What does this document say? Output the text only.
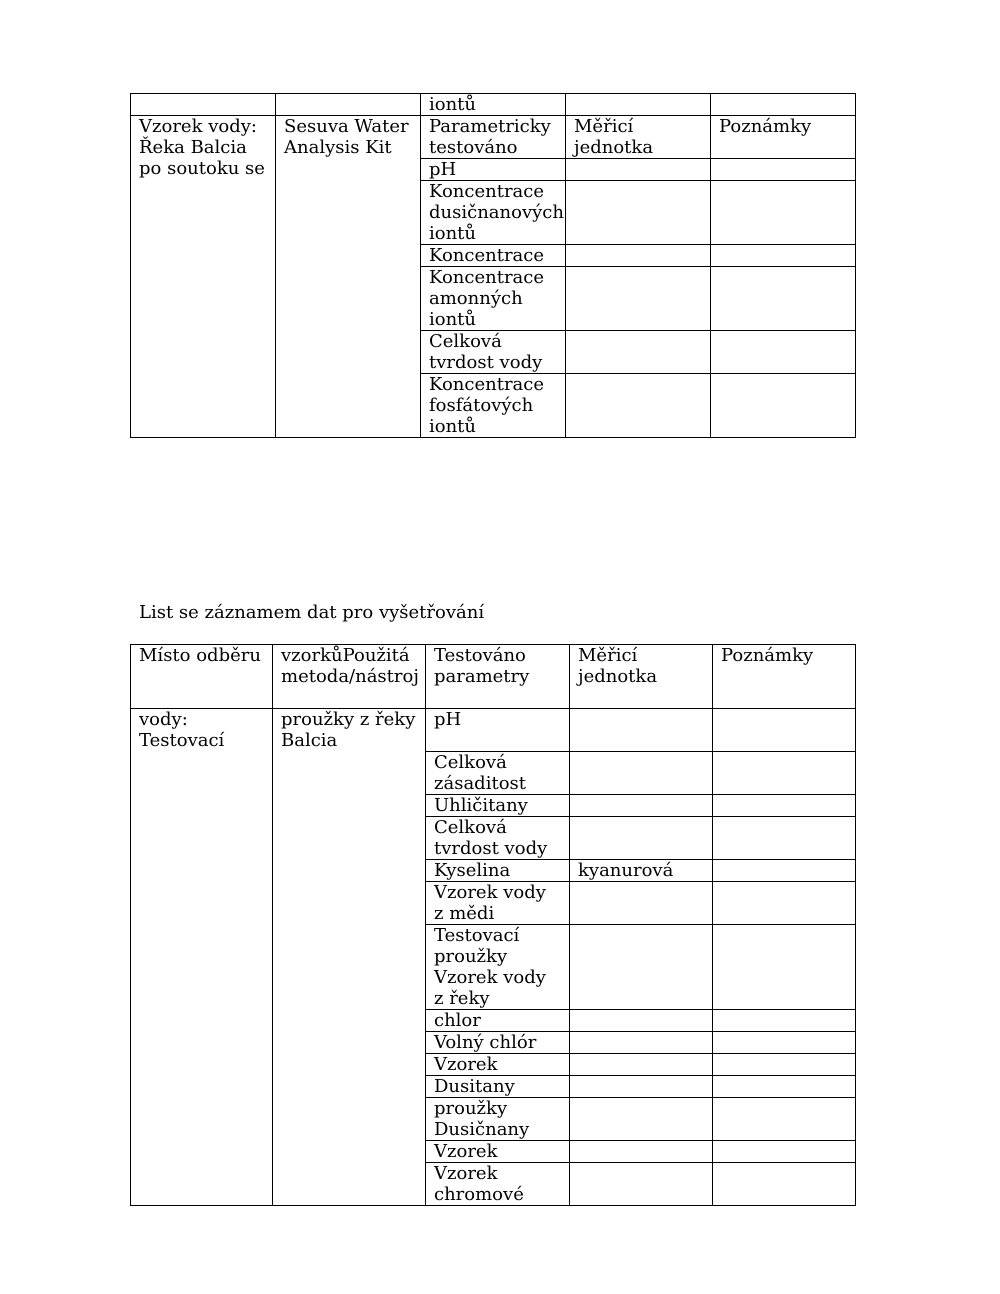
		iontů		
Vzorek vody: Řeka Balcia po soutoku se	Sesuva Water Analysis Kit	Parametricky testováno	Měřicí jednotka	Poznámky
		pH		
		Koncentrace dusičnanových iontů		
		Koncentrace		
		Koncentrace amonných iontů		
		Celková tvrdost vody		
		Koncentrace fosfátových iontů		
List se záznamem dat pro vyšetřování
Místo odběru	vzorkůPoužitá metoda/nástroj	Testováno parametry	Měřicí jednotka	Poznámky
vody: Testovací	proužky z řeky Balcia	pH		
		Celková zásaditost		
		Uhličitany		
		Celková tvrdost vody		
		Kyselina	kyanurová	
		Vzorek vody z mědi		
		Testovací proužky Vzorek vody z řeky		
		chlor		
		Volný chlór		
		Vzorek		
		Dusitany		
		proužky Dusičnany		
		Vzorek		
		Vzorek chromové		
